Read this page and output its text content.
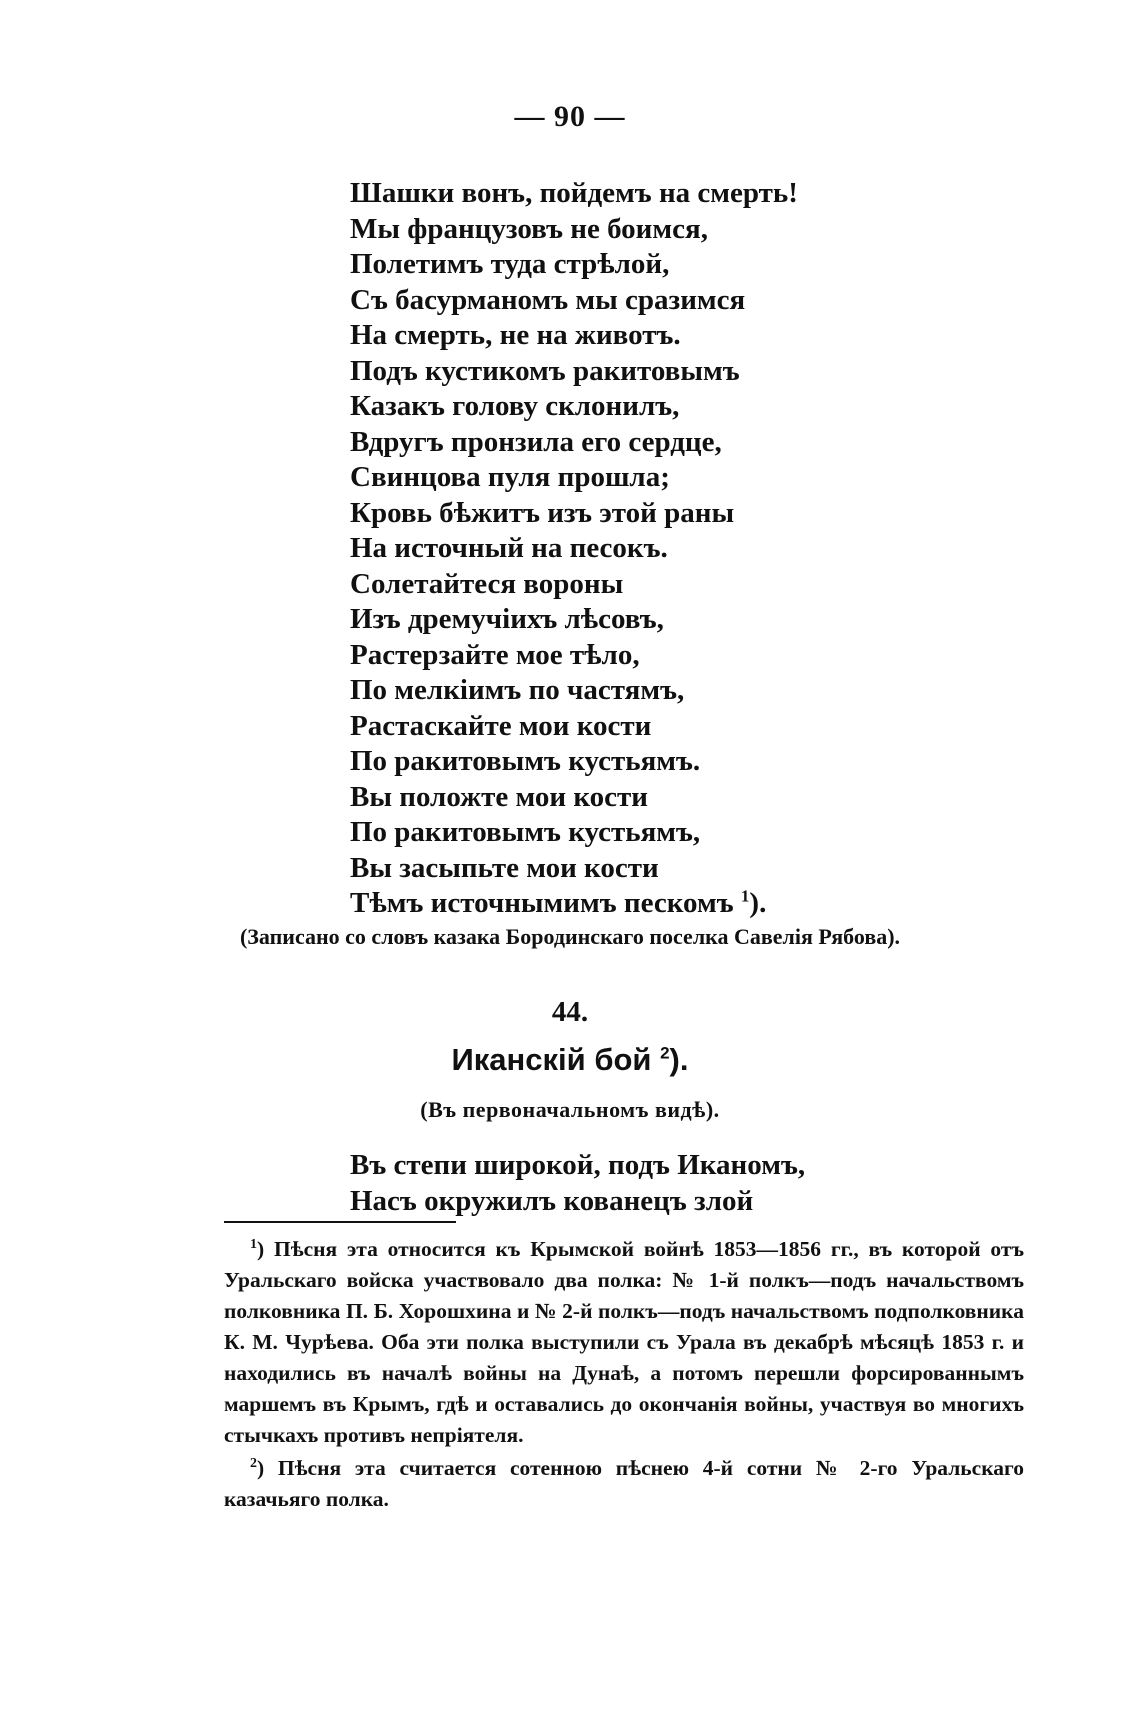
— 90 —
Шашки вонъ, пойдемъ на смерть!
Мы французовъ не боимся,
Полетимъ туда стрѣлой,
Съ басурманомъ мы сразимся
На смерть, не на животъ.
Подъ кустикомъ ракитовымъ
Казакъ голову склонилъ,
Вдругъ пронзила его сердце,
Свинцова пуля прошла;
Кровь бѣжитъ изъ этой раны
На источный на песокъ.
Солетайтеся вороны
Изъ дремучiихъ лѣсовъ,
Растерзайте мое тѣло,
По мелкiимъ по частямъ,
Растаскайте мои кости
По ракитовымъ кустьямъ.
Вы положте мои кости
По ракитовымъ кустьямъ,
Вы засыпьте мои кости
Тѣмъ источнымимъ пескомъ $^1$).
(Записано со словъ казака Бородинскаго поселка Савелiя Рябова).
44.
Иканскiй бой $^2$).
(Въ первоначальномъ видѣ).
Въ степи широкой, подъ Иканомъ,
Насъ окружилъ кованецъ злой

$^1$) Пѣсня эта относится къ Крымской войнѣ 1853—1856 гг., въ которой отъ Уральскаго войска участвовало два полка: № 1-й полкъ—подъ начальствомъ полковника П. Б. Хорошхина и № 2-й полкъ—подъ начальствомъ подполковника К. М. Чурѣева. Оба эти полка выступили съ Урала въ декабрѣ мѣсяцѣ 1853 г. и находились въ началѣ войны на Дунаѣ, а потомъ перешли форсированнымъ маршемъ въ Крымъ, гдѣ и оставались до окончанiя войны, участвуя во многихъ стычкахъ противъ непрiятеля.

$^2$) Пѣсня эта считается сотенною пѣснею 4-й сотни № 2-го Уральскаго казачьяго полка.
